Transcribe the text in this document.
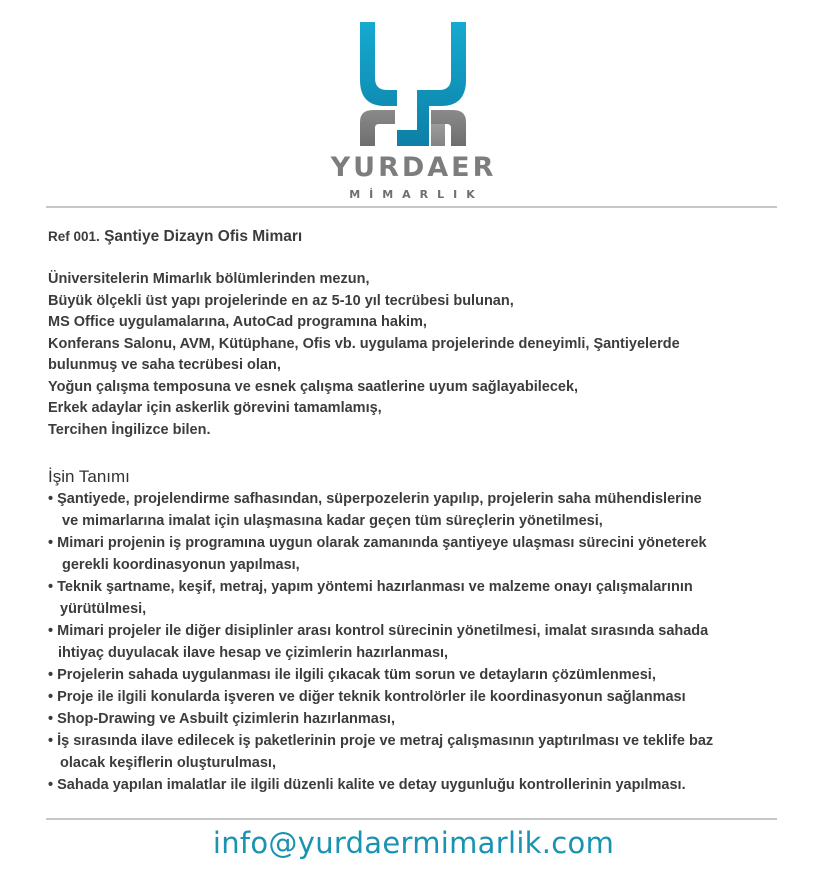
YURDAER
MİMARLIK

Ref 001. Şantiye Dizayn Ofis Mimarı

Üniversitelerin Mimarlık bölümlerinden mezun,

Büyük ölçekli üst yapı projelerinde en az 5-10 yıl tecrübesi bulunan,

MS Office uygulamalarına, AutoCad programına hakim,

Konferans Salonu, AVM, Kütüphane, Ofis vb. uygulama projelerinde deneyimli, Şantiyelerde

bulunmuş ve saha tecrübesi olan,

Yoğun çalışma temposuna ve esnek çalışma saatlerine uyum sağlayabilecek,

Erkek adaylar için askerlik görevini tamamlamış,

Tercihen İngilizce bilen.

İşin Tanımı

• Şantiyede, projelendirme safhasından, süperpozelerin yapılıp, projelerin saha mühendislerine
ve mimarlarına imalat için ulaşmasına kadar geçen tüm süreçlerin yönetilmesi,

• Mimari projenin iş programına uygun olarak zamanında şantiyeye ulaşması sürecini yöneterek
gerekli koordinasyonun yapılması,

• Teknik şartname, keşif, metraj, yapım yöntemi hazırlanması ve malzeme onayı çalışmalarının
yürütülmesi,

• Mimari projeler ile diğer disiplinler arası kontrol sürecinin yönetilmesi, imalat sırasında sahada
ihtiyaç duyulacak ilave hesap ve çizimlerin hazırlanması,

• Projelerin sahada uygulanması ile ilgili çıkacak tüm sorun ve detayların çözümlenmesi,

• Proje ile ilgili konularda işveren ve diğer teknik kontrolörler ile koordinasyonun sağlanması

• Shop-Drawing ve Asbuilt çizimlerin hazırlanması,

• İş sırasında ilave edilecek iş paketlerinin proje ve metraj çalışmasının yaptırılması ve teklife baz
olacak keşiflerin oluşturulması,

• Sahada yapılan imalatlar ile ilgili düzenli kalite ve detay uygunluğu kontrollerinin yapılması.

info@yurdaermimarlik.com
